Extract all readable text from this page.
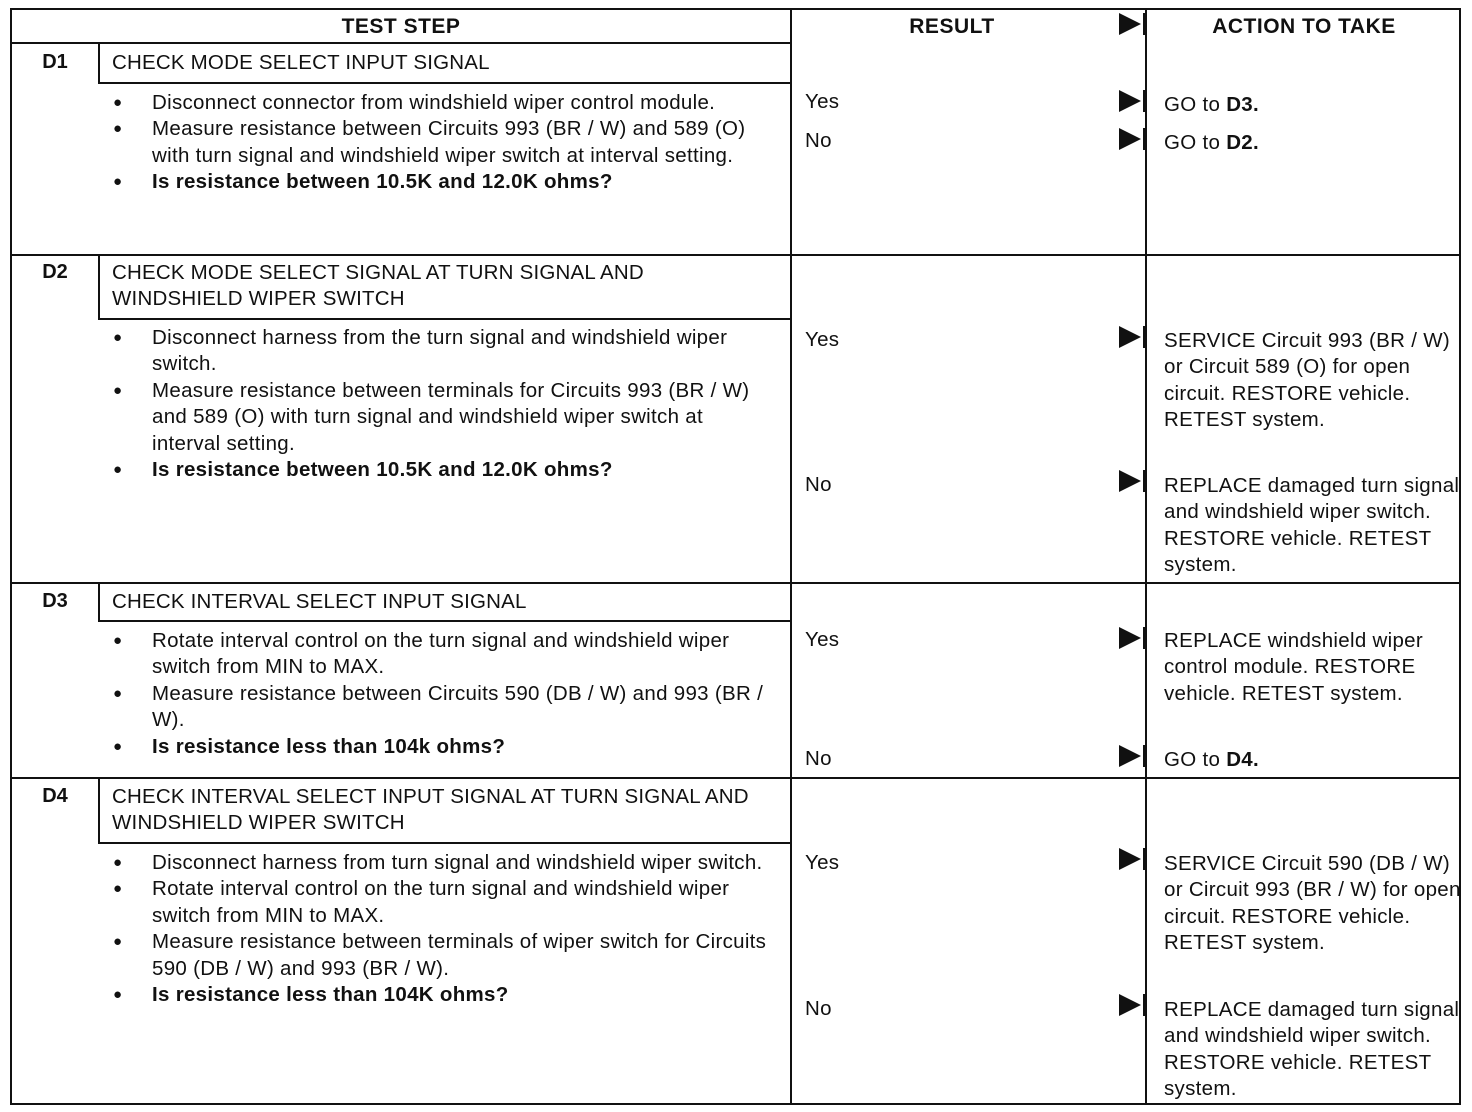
TEST STEP	RESULT	ACTION TO TAKE
D1	CHECK MODE SELECT INPUT SIGNAL
● Disconnect connector from windshield wiper control module.
● Measure resistance between Circuits 993 (BR / W) and 589 (O) with turn signal and windshield wiper switch at interval setting.
● Is resistance between 10.5K and 12.0K ohms?
Yes	GO to D3.
No	GO to D2.
D2	CHECK MODE SELECT SIGNAL AT TURN SIGNAL AND WINDSHIELD WIPER SWITCH
● Disconnect harness from the turn signal and windshield wiper switch.
● Measure resistance between terminals for Circuits 993 (BR / W) and 589 (O) with turn signal and windshield wiper switch at interval setting.
● Is resistance between 10.5K and 12.0K ohms?
Yes	SERVICE Circuit 993 (BR / W) or Circuit 589 (O) for open circuit. RESTORE vehicle. RETEST system.
No	REPLACE damaged turn signal and windshield wiper switch. RESTORE vehicle. RETEST system.
D3	CHECK INTERVAL SELECT INPUT SIGNAL
● Rotate interval control on the turn signal and windshield wiper switch from MIN to MAX.
● Measure resistance between Circuits 590 (DB / W) and 993 (BR / W).
● Is resistance less than 104k ohms?
Yes	REPLACE windshield wiper control module. RESTORE vehicle. RETEST system.
No	GO to D4.
D4	CHECK INTERVAL SELECT INPUT SIGNAL AT TURN SIGNAL AND WINDSHIELD WIPER SWITCH
● Disconnect harness from turn signal and windshield wiper switch.
● Rotate interval control on the turn signal and windshield wiper switch from MIN to MAX.
● Measure resistance between terminals of wiper switch for Circuits 590 (DB / W) and 993 (BR / W).
● Is resistance less than 104K ohms?
Yes	SERVICE Circuit 590 (DB / W) or Circuit 993 (BR / W) for open circuit. RESTORE vehicle. RETEST system.
No	REPLACE damaged turn signal and windshield wiper switch. RESTORE vehicle. RETEST system.
